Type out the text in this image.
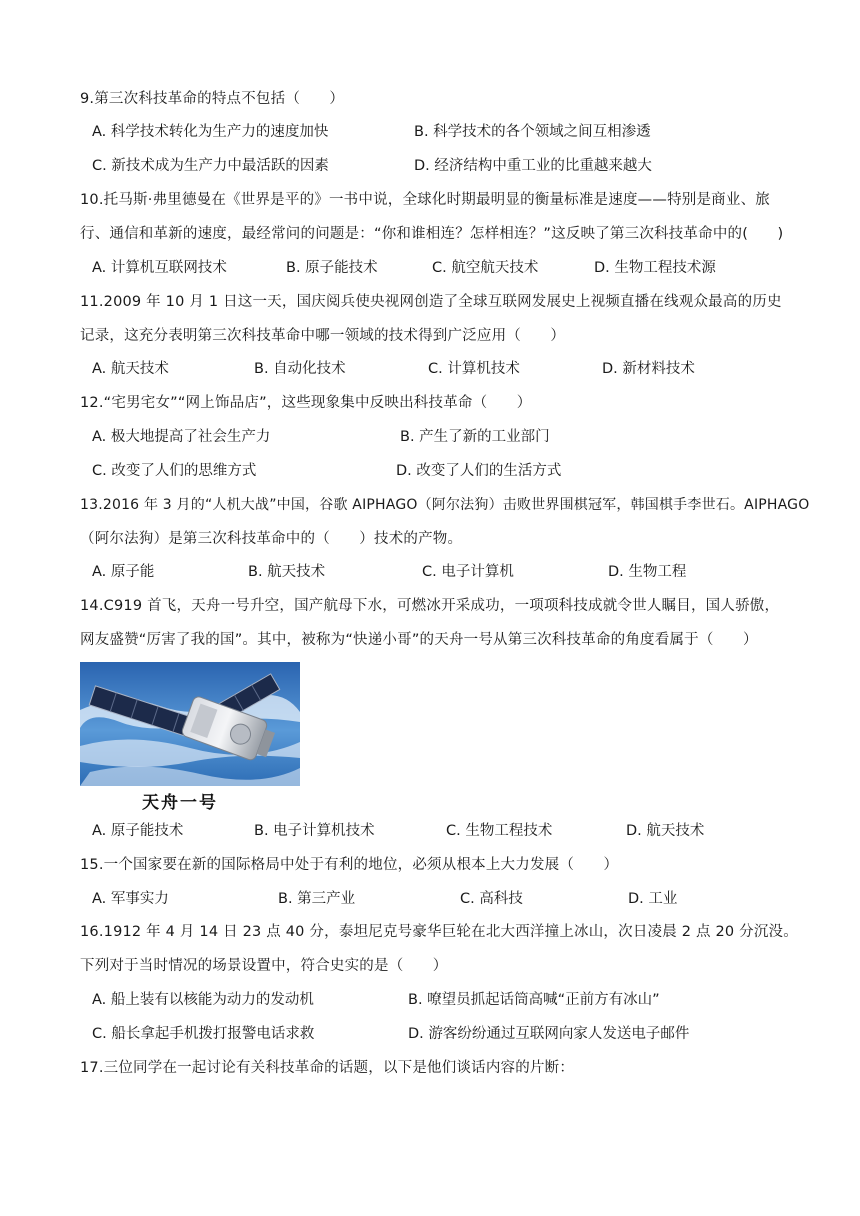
9.第三次科技革命的特点不包括（　　）
A. 科学技术转化为生产力的速度加快	B. 科学技术的各个领域之间互相渗透
C. 新技术成为生产力中最活跃的因素	D. 经济结构中重工业的比重越来越大
10.托马斯·弗里德曼在《世界是平的》一书中说，全球化时期最明显的衡量标准是速度——特别是商业、旅
行、通信和革新的速度，最经常问的问题是：“你和谁相连？怎样相连？”这反映了第三次科技革命中的(　　)
A. 计算机互联网技术	B. 原子能技术	C. 航空航天技术	D. 生物工程技术源
11.2009 年 10 月 1 日这一天，国庆阅兵使央视网创造了全球互联网发展史上视频直播在线观众最高的历史
记录，这充分表明第三次科技革命中哪一领域的技术得到广泛应用（　　）
A. 航天技术	B. 自动化技术	C. 计算机技术	D. 新材料技术
12.“宅男宅女”“网上饰品店”，这些现象集中反映出科技革命（　　）
A. 极大地提高了社会生产力	B. 产生了新的工业部门
C. 改变了人们的思维方式	D. 改变了人们的生活方式
13.2016 年 3 月的“人机大战”中国，谷歌 AIPHAGO（阿尔法狗）击败世界围棋冠军，韩国棋手李世石。AIPHAGO
（阿尔法狗）是第三次科技革命中的（　　）技术的产物。
A. 原子能	B. 航天技术	C. 电子计算机	D. 生物工程
14.C919 首飞，天舟一号升空，国产航母下水，可燃冰开采成功，一项项科技成就令世人瞩目，国人骄傲，
网友盛赞“厉害了我的国”。其中，被称为“快递小哥”的天舟一号从第三次科技革命的角度看属于（　　）
天舟一号
A. 原子能技术	B. 电子计算机技术	C. 生物工程技术	D. 航天技术
15.一个国家要在新的国际格局中处于有利的地位，必须从根本上大力发展（　　）
A. 军事实力	B. 第三产业	C. 高科技	D. 工业
16.1912 年 4 月 14 日 23 点 40 分，泰坦尼克号豪华巨轮在北大西洋撞上冰山，次日凌晨 2 点 20 分沉没。
下列对于当时情况的场景设置中，符合史实的是（　　）
A. 船上装有以核能为动力的发动机	B. 嘹望员抓起话筒高喊“正前方有冰山”
C. 船长拿起手机拨打报警电话求救	D. 游客纷纷通过互联网向家人发送电子邮件
17.三位同学在一起讨论有关科技革命的话题，以下是他们谈话内容的片断：
